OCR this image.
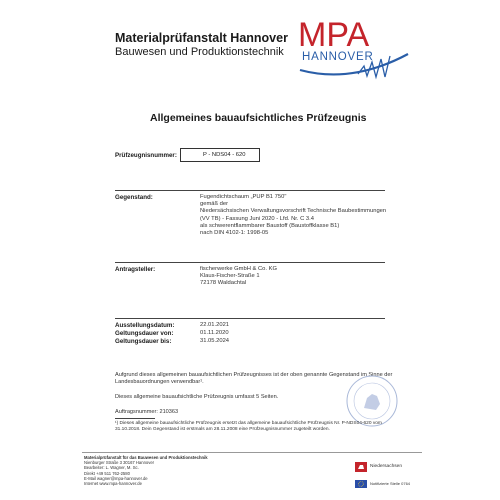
Materialprüfanstalt Hannover
Bauwesen und Produktionstechnik MPA
HANNOVER
Allgemeines bauaufsichtliches Prüfzeugnis
Prüfzeugnisnummer:	P - NDS04 - 620
Gegenstand:	Fugendichtschaum „PUP B1 750"
gemäß der
Niedersächsischen Verwaltungsvorschrift Technische Baubestimmungen
(VV TB) - Fassung Juni 2020 - Lfd. Nr. C 3.4
als schwerentflammbarer Baustoff (Baustoffklasse B1)
nach DIN 4102-1: 1998-05
Antragsteller:	fischerwerke GmbH & Co. KG
Klaus-Fischer-Straße 1
72178 Waldachtal
Ausstellungsdatum:	22.01.2021
Geltungsdauer von:	01.11.2020
Geltungsdauer bis:	31.05.2024
Aufgrund dieses allgemeinen bauaufsichtlichen Prüfzeugnisses ist der oben genannte Gegenstand im Sinne der Landesbauordnungen verwendbar¹.
Dieses allgemeine bauaufsichtliche Prüfzeugnis umfasst 5 Seiten.
Auftragsnummer: 210363
¹) Dieses allgemeine bauaufsichtliche Prüfzeugnis ersetzt das allgemeine bauaufsichtliche Prüfzeugnis Nr. P-NDS04-620 vom 31.10.2018. Dein Gegenstand ist erstmals am 28.11.2008 eine Prüfzeugnisnummer zugeteilt worden.
Materialprüfanstalt für das Bauwesen und Produktionstechnik
Nienburger Straße 3 30167 Hannover
Bearbeiter: L. Wagner, M. Sc.
Direkt +49 511 762-2580
E-Mail wagner@mpa-hannover.de
Internet www.mpa-hannover.de
Niedersachsen
Notifizierte Stelle 0764
